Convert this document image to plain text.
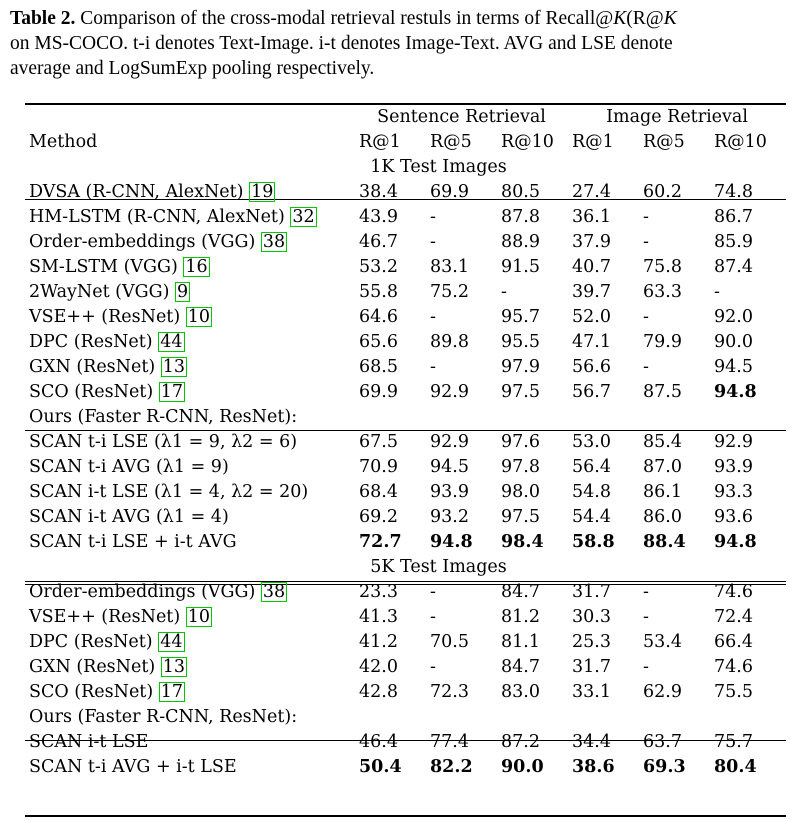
Table 2. Comparison of the cross-modal retrieval restuls in terms of Recall@K(R@K
on MS-COCO. t-i denotes Text-Image. i-t denotes Image-Text. AVG and LSE denote
average and LogSumExp pooling respectively.
	Sentence Retrieval			Image Retrieval		
Method	R@1	R@5	R@10	R@1	R@5	R@10
1K Test Images						
DVSA (R-CNN, AlexNet) 19	38.4	69.9	80.5	27.4	60.2	74.8
HM-LSTM (R-CNN, AlexNet) 32	43.9	-	87.8	36.1	-	86.7
Order-embeddings (VGG) 38	46.7	-	88.9	37.9	-	85.9
SM-LSTM (VGG) 16	53.2	83.1	91.5	40.7	75.8	87.4
2WayNet (VGG) 9	55.8	75.2	-	39.7	63.3	-
VSE++ (ResNet) 10	64.6	-	95.7	52.0	-	92.0
DPC (ResNet) 44	65.6	89.8	95.5	47.1	79.9	90.0
GXN (ResNet) 13	68.5	-	97.9	56.6	-	94.5
SCO (ResNet) 17	69.9	92.9	97.5	56.7	87.5	94.8
Ours (Faster R-CNN, ResNet):						
SCAN t-i LSE (λ1 = 9, λ2 = 6)	67.5	92.9	97.6	53.0	85.4	92.9
SCAN t-i AVG (λ1 = 9)	70.9	94.5	97.8	56.4	87.0	93.9
SCAN i-t LSE (λ1 = 4, λ2 = 20)	68.4	93.9	98.0	54.8	86.1	93.3
SCAN i-t AVG (λ1 = 4)	69.2	93.2	97.5	54.4	86.0	93.6
SCAN t-i LSE + i-t AVG	72.7	94.8	98.4	58.8	88.4	94.8
5K Test Images						
Order-embeddings (VGG) 38	23.3	-	84.7	31.7	-	74.6
VSE++ (ResNet) 10	41.3	-	81.2	30.3	-	72.4
DPC (ResNet) 44	41.2	70.5	81.1	25.3	53.4	66.4
GXN (ResNet) 13	42.0	-	84.7	31.7	-	74.6
SCO (ResNet) 17	42.8	72.3	83.0	33.1	62.9	75.5
Ours (Faster R-CNN, ResNet):						
SCAN i-t LSE	46.4	77.4	87.2	34.4	63.7	75.7
SCAN t-i AVG + i-t LSE	50.4	82.2	90.0	38.6	69.3	80.4
